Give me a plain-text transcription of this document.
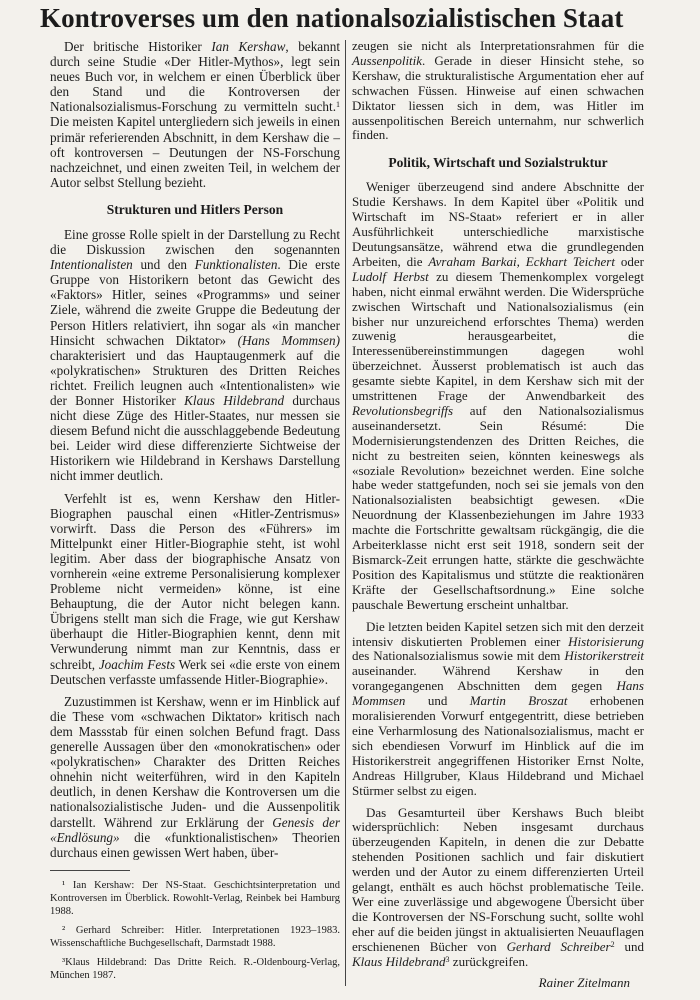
Kontroverses um den nationalsozialistischen Staat

Der britische Historiker Ian Kershaw, bekannt durch seine Studie «Der Hitler-Mythos», legt sein neues Buch vor, in welchem er einen Überblick über den Stand und die Kontroversen der Nationalsozialismus-Forschung zu vermitteln sucht.$^1$ Die meisten Kapitel untergliedern sich jeweils in einen primär referierenden Abschnitt, in dem Kershaw die – oft kontroversen – Deutungen der NS-Forschung nachzeichnet, und einen zweiten Teil, in welchem der Autor selbst Stellung bezieht.

Strukturen und Hitlers Person

Eine grosse Rolle spielt in der Darstellung zu Recht die Diskussion zwischen den sogenannten Intentionalisten und den Funktionalisten. Die erste Gruppe von Historikern betont das Gewicht des «Faktors» Hitler, seines «Programms» und seiner Ziele, während die zweite Gruppe die Bedeutung der Person Hitlers relativiert, ihn sogar als «in mancher Hinsicht schwachen Diktator» (Hans Mommsen) charakterisiert und das Hauptaugenmerk auf die «polykratischen» Strukturen des Dritten Reiches richtet. Freilich leugnen auch «Intentionalisten» wie der Bonner Historiker Klaus Hildebrand durchaus nicht diese Züge des Hitler-Staates, nur messen sie diesem Befund nicht die ausschlaggebende Bedeutung bei. Leider wird diese differenzierte Sichtweise der Historikern wie Hildebrand in Kershaws Darstellung nicht immer deutlich.

Verfehlt ist es, wenn Kershaw den Hitler-Biographen pauschal einen «Hitler-Zentrismus» vorwirft. Dass die Person des «Führers» im Mittelpunkt einer Hitler-Biographie steht, ist wohl legitim. Aber dass der biographische Ansatz von vornherein «eine extreme Personalisierung komplexer Probleme nicht vermeiden» könne, ist eine Behauptung, die der Autor nicht belegen kann. Übrigens stellt man sich die Frage, wie gut Kershaw überhaupt die Hitler-Biographien kennt, denn mit Verwunderung nimmt man zur Kenntnis, dass er schreibt, Joachim Fests Werk sei «die erste von einem Deutschen verfasste umfassende Hitler-Biographie».

Zuzustimmen ist Kershaw, wenn er im Hinblick auf die These vom «schwachen Diktator» kritisch nach dem Massstab für einen solchen Befund fragt. Dass generelle Aussagen über den «monokratischen» oder «polykratischen» Charakter des Dritten Reiches ohnehin nicht weiterführen, wird in den Kapiteln deutlich, in denen Kershaw die Kontroversen um die nationalsozialistische Juden- und die Aussenpolitik darstellt. Während zur Erklärung der Genesis der «Endlösung» die «funktionalistischen» Theorien durchaus einen gewissen Wert haben, über-

¹ Ian Kershaw: Der NS-Staat. Geschichtsinterpretation und Kontroversen im Überblick. Rowohlt-Verlag, Reinbek bei Hamburg 1988.

² Gerhard Schreiber: Hitler. Interpretationen 1923–1983. Wissenschaftliche Buchgesellschaft, Darmstadt 1988.

³Klaus Hildebrand: Das Dritte Reich. R.-Oldenbourg-Verlag, München 1987.

zeugen sie nicht als Interpretationsrahmen für die Aussenpolitik. Gerade in dieser Hinsicht stehe, so Kershaw, die strukturalistische Argumentation eher auf schwachen Füssen. Hinweise auf einen schwachen Diktator liessen sich in dem, was Hitler im aussenpolitischen Bereich unternahm, nur schwerlich finden.

Politik, Wirtschaft und Sozialstruktur

Weniger überzeugend sind andere Abschnitte der Studie Kershaws. In dem Kapitel über «Politik und Wirtschaft im NS-Staat» referiert er in aller Ausführlichkeit unterschiedliche marxistische Deutungsansätze, während etwa die grundlegenden Arbeiten, die Avraham Barkai, Eckhart Teichert oder Ludolf Herbst zu diesem Themenkomplex vorgelegt haben, nicht einmal erwähnt werden. Die Widersprüche zwischen Wirtschaft und Nationalsozialismus (ein bisher nur unzureichend erforschtes Thema) werden zuwenig herausgearbeitet, die Interessenübereinstimmungen dagegen wohl überzeichnet. Äusserst problematisch ist auch das gesamte siebte Kapitel, in dem Kershaw sich mit der umstrittenen Frage der Anwendbarkeit des Revolutionsbegriffs auf den Nationalsozialismus auseinandersetzt. Sein Résumé: Die Modernisierungstendenzen des Dritten Reiches, die nicht zu bestreiten seien, könnten keineswegs als «soziale Revolution» bezeichnet werden. Eine solche habe weder stattgefunden, noch sei sie jemals von den Nationalsozialisten beabsichtigt gewesen. «Die Neuordnung der Klassenbeziehungen im Jahre 1933 machte die Fortschritte gewaltsam rückgängig, die die Arbeiterklasse nicht erst seit 1918, sondern seit der Bismarck-Zeit errungen hatte, stärkte die geschwächte Position des Kapitalismus und stützte die reaktionären Kräfte der Gesellschaftsordnung.» Eine solche pauschale Bewertung erscheint unhaltbar.

Die letzten beiden Kapitel setzen sich mit den derzeit intensiv diskutierten Problemen einer Historisierung des Nationalsozialismus sowie mit dem Historikerstreit auseinander. Während Kershaw in den vorangegangenen Abschnitten dem gegen Hans Mommsen und Martin Broszat erhobenen moralisierenden Vorwurf entgegentritt, diese betrieben eine Verharmlosung des Nationalsozialismus, macht er sich ebendiesen Vorwurf im Hinblick auf die im Historikerstreit angegriffenen Historiker Ernst Nolte, Andreas Hillgruber, Klaus Hildebrand und Michael Stürmer selbst zu eigen.

Das Gesamturteil über Kershaws Buch bleibt widersprüchlich: Neben insgesamt durchaus überzeugenden Kapiteln, in denen die zur Debatte stehenden Positionen sachlich und fair diskutiert werden und der Autor zu einem differenzierten Urteil gelangt, enthält es auch höchst problematische Teile. Wer eine zuverlässige und abgewogene Übersicht über die Kontroversen der NS-Forschung sucht, sollte wohl eher auf die beiden jüngst in aktualisierten Neuauflagen erschienenen Bücher von Gerhard Schreiber$^2$ und Klaus Hildebrand$^3$ zurückgreifen.

Rainer Zitelmann
